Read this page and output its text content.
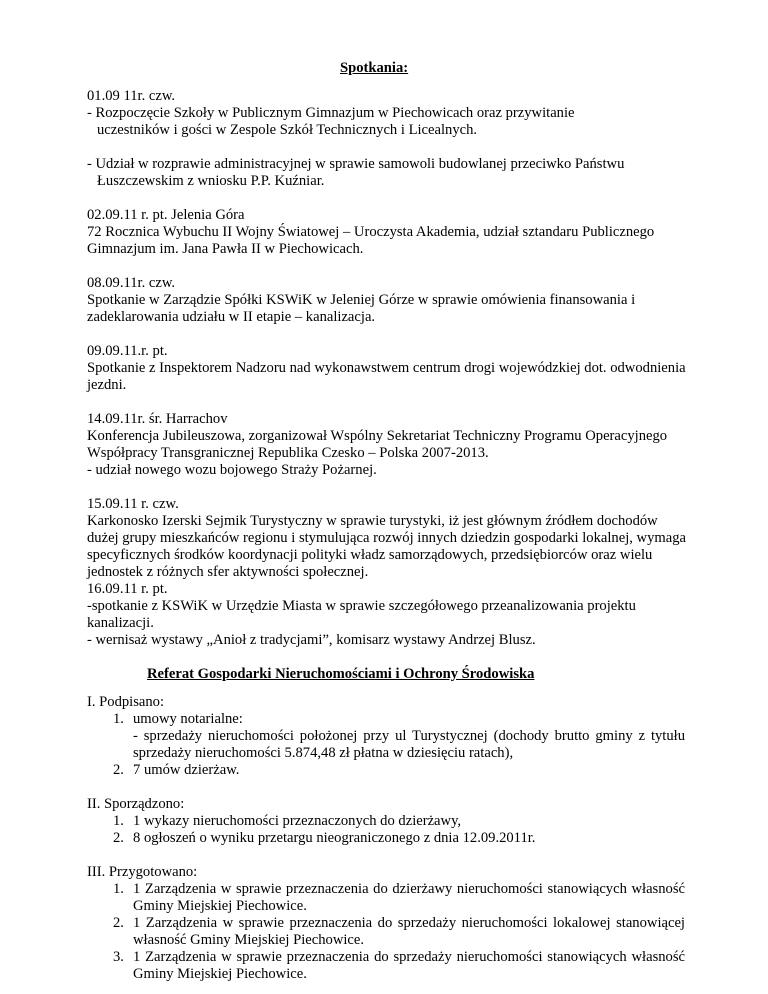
Spotkania:
01.09 11r. czw.
- Rozpoczęcie Szkoły w Publicznym Gimnazjum w Piechowicach oraz przywitanie
uczestników i gości w Zespole Szkół Technicznych i Licealnych.
- Udział w rozprawie administracyjnej w sprawie samowoli budowlanej przeciwko Państwu
Łuszczewskim z wniosku P.P. Kuźniar.
02.09.11 r. pt. Jelenia Góra
72 Rocznica Wybuchu II Wojny Światowej – Uroczysta Akademia, udział sztandaru Publicznego
Gimnazjum im. Jana Pawła II w Piechowicach.
08.09.11r. czw.
Spotkanie w Zarządzie Spółki KSWiK w Jeleniej Górze w sprawie omówienia finansowania i
zadeklarowania udziału w II etapie – kanalizacja.
09.09.11.r. pt.
Spotkanie z Inspektorem Nadzoru nad wykonawstwem centrum drogi wojewódzkiej dot. odwodnienia
jezdni.
14.09.11r. śr. Harrachov
Konferencja Jubileuszowa, zorganizował Wspólny Sekretariat Techniczny Programu Operacyjnego
Współpracy Transgranicznej Republika Czesko – Polska 2007-2013.
- udział nowego wozu bojowego Straży Pożarnej.
15.09.11 r. czw.
Karkonosko Izerski Sejmik Turystyczny w sprawie turystyki, iż jest głównym źródłem dochodów
dużej grupy mieszkańców regionu i stymulująca rozwój innych dziedzin gospodarki lokalnej, wymaga
specyficznych środków koordynacji polityki władz samorządowych, przedsiębiorców oraz wielu
jednostek z różnych sfer aktywności społecznej.
16.09.11 r. pt.
-spotkanie z KSWiK w Urzędzie Miasta w sprawie szczegółowego przeanalizowania projektu
kanalizacji.
- wernisaż wystawy „Anioł z tradycjami”, komisarz wystawy Andrzej Blusz.
Referat Gospodarki Nieruchomościami i Ochrony Środowiska
I. Podpisano:
1. umowy notarialne:
- sprzedaży nieruchomości położonej przy ul Turystycznej (dochody brutto gminy z tytułu sprzedaży nieruchomości 5.874,48 zł płatna w dziesięciu ratach),
2. 7 umów dzierżaw.
II. Sporządzono:
1. 1 wykazy nieruchomości przeznaczonych do dzierżawy,
2. 8 ogłoszeń o wyniku przetargu nieograniczonego z dnia 12.09.2011r.
III. Przygotowano:
1. 1 Zarządzenia w sprawie przeznaczenia do dzierżawy nieruchomości stanowiących własność Gminy Miejskiej Piechowice.
2. 1 Zarządzenia w sprawie przeznaczenia do sprzedaży nieruchomości lokalowej stanowiącej własność Gminy Miejskiej Piechowice.
3. 1 Zarządzenia w sprawie przeznaczenia do sprzedaży nieruchomości stanowiących własność Gminy Miejskiej Piechowice.
